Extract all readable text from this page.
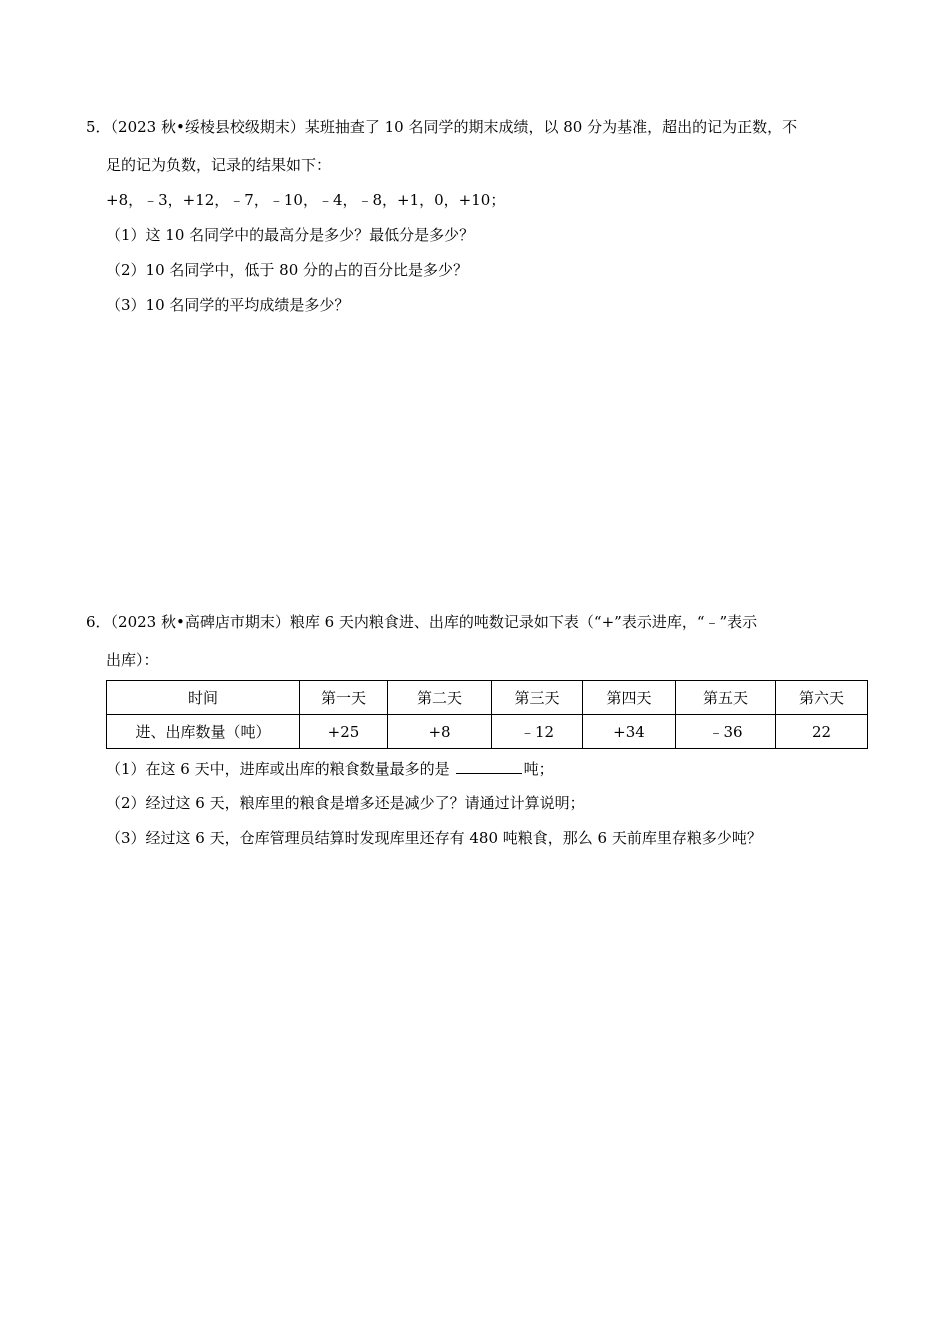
5．（2023 秋•绥棱县校级期末）某班抽查了 10 名同学的期末成绩，以 80 分为基准，超出的记为正数，不
足的记为负数，记录的结果如下：
+8，﹣3，+12，﹣7，﹣10，﹣4，﹣8，+1，0，+10；
（1）这 10 名同学中的最高分是多少？最低分是多少？
（2）10 名同学中，低于 80 分的占的百分比是多少？
（3）10 名同学的平均成绩是多少？
6．（2023 秋•高碑店市期末）粮库 6 天内粮食进、出库的吨数记录如下表（“+”表示进库，“﹣”表示
出库）：
时间	第一天	第二天	第三天	第四天	第五天	第六天
进、出库数量（吨）	+25	+8	﹣12	+34	﹣36	22
（1）在这 6 天中，进库或出库的粮食数量最多的是	吨；
（2）经过这 6 天，粮库里的粮食是增多还是减少了？请通过计算说明；
（3）经过这 6 天，仓库管理员结算时发现库里还存有 480 吨粮食，那么 6 天前库里存粮多少吨？
